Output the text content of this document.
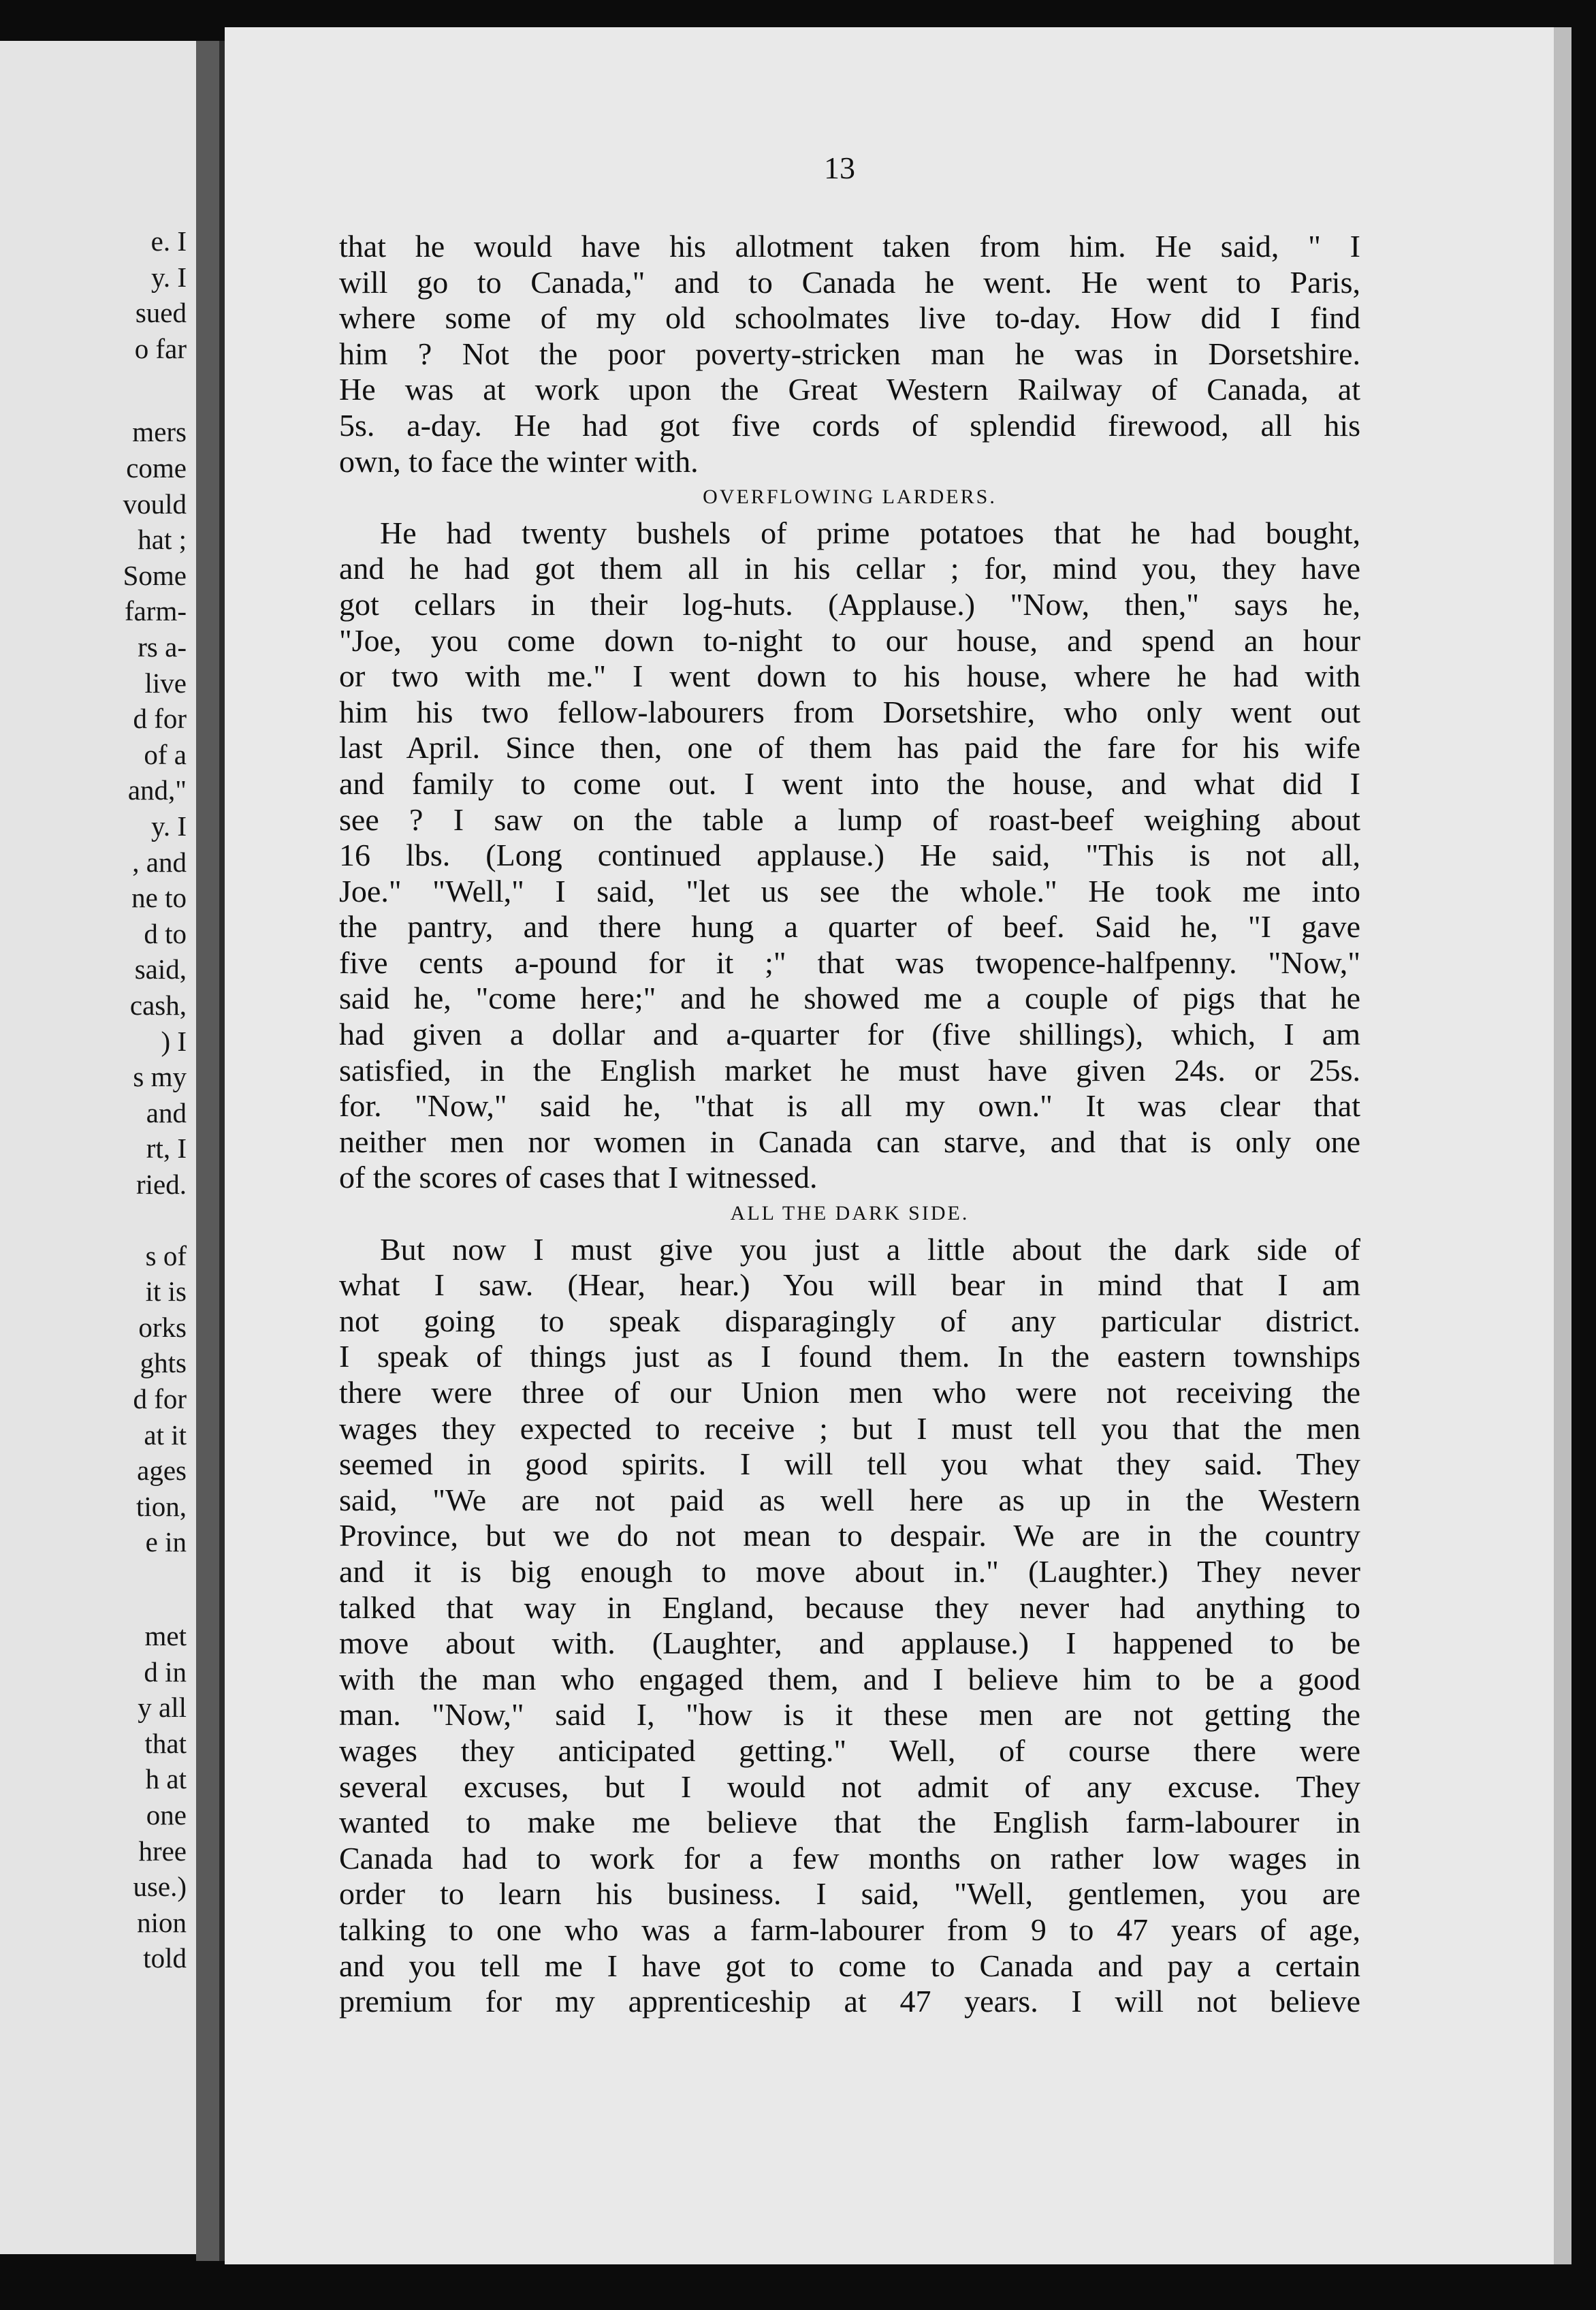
e. I
y. I
sued
o far
mers
come
vould
hat ;
Some
farm-
rs a-
live
d for
of a
and,"
y. I
, and
ne to
d to
said,
cash,
) I
s my
and
rt, I
ried.
s of
it is
orks
ghts
d for
at it
ages
tion,
e in
met
d in
y all
that
h at
one
hree
use.)
nion
told
13
that he would have his allotment taken from him. He said, " I
will go to Canada," and to Canada he went. He went to Paris,
where some of my old schoolmates live to-day. How did I find
him ? Not the poor poverty-stricken man he was in Dorsetshire.
He was at work upon the Great Western Railway of Canada, at
5s. a-day. He had got five cords of splendid firewood, all his
own, to face the winter with.
OVERFLOWING LARDERS.
He had twenty bushels of prime potatoes that he had bought,
and he had got them all in his cellar ; for, mind you, they have
got cellars in their log-huts. (Applause.) "Now, then," says he,
"Joe, you come down to-night to our house, and spend an hour
or two with me." I went down to his house, where he had with
him his two fellow-labourers from Dorsetshire, who only went out
last April. Since then, one of them has paid the fare for his wife
and family to come out. I went into the house, and what did I
see ? I saw on the table a lump of roast-beef weighing about
16 lbs. (Long continued applause.) He said, "This is not all,
Joe." "Well," I said, "let us see the whole." He took me into
the pantry, and there hung a quarter of beef. Said he, "I gave
five cents a-pound for it ;" that was twopence-halfpenny. "Now,"
said he, "come here;" and he showed me a couple of pigs that he
had given a dollar and a-quarter for (five shillings), which, I am
satisfied, in the English market he must have given 24s. or 25s.
for. "Now," said he, "that is all my own." It was clear that
neither men nor women in Canada can starve, and that is only one
of the scores of cases that I witnessed.
ALL THE DARK SIDE.
But now I must give you just a little about the dark side of
what I saw. (Hear, hear.) You will bear in mind that I am
not going to speak disparagingly of any particular district.
I speak of things just as I found them. In the eastern townships
there were three of our Union men who were not receiving the
wages they expected to receive ; but I must tell you that the men
seemed in good spirits. I will tell you what they said. They
said, "We are not paid as well here as up in the Western
Province, but we do not mean to despair. We are in the country
and it is big enough to move about in." (Laughter.) They never
talked that way in England, because they never had anything to
move about with. (Laughter, and applause.) I happened to be
with the man who engaged them, and I believe him to be a good
man. "Now," said I, "how is it these men are not getting the
wages they anticipated getting." Well, of course there were
several excuses, but I would not admit of any excuse. They
wanted to make me believe that the English farm-labourer in
Canada had to work for a few months on rather low wages in
order to learn his business. I said, "Well, gentlemen, you are
talking to one who was a farm-labourer from 9 to 47 years of age,
and you tell me I have got to come to Canada and pay a certain
premium for my apprenticeship at 47 years. I will not believe
